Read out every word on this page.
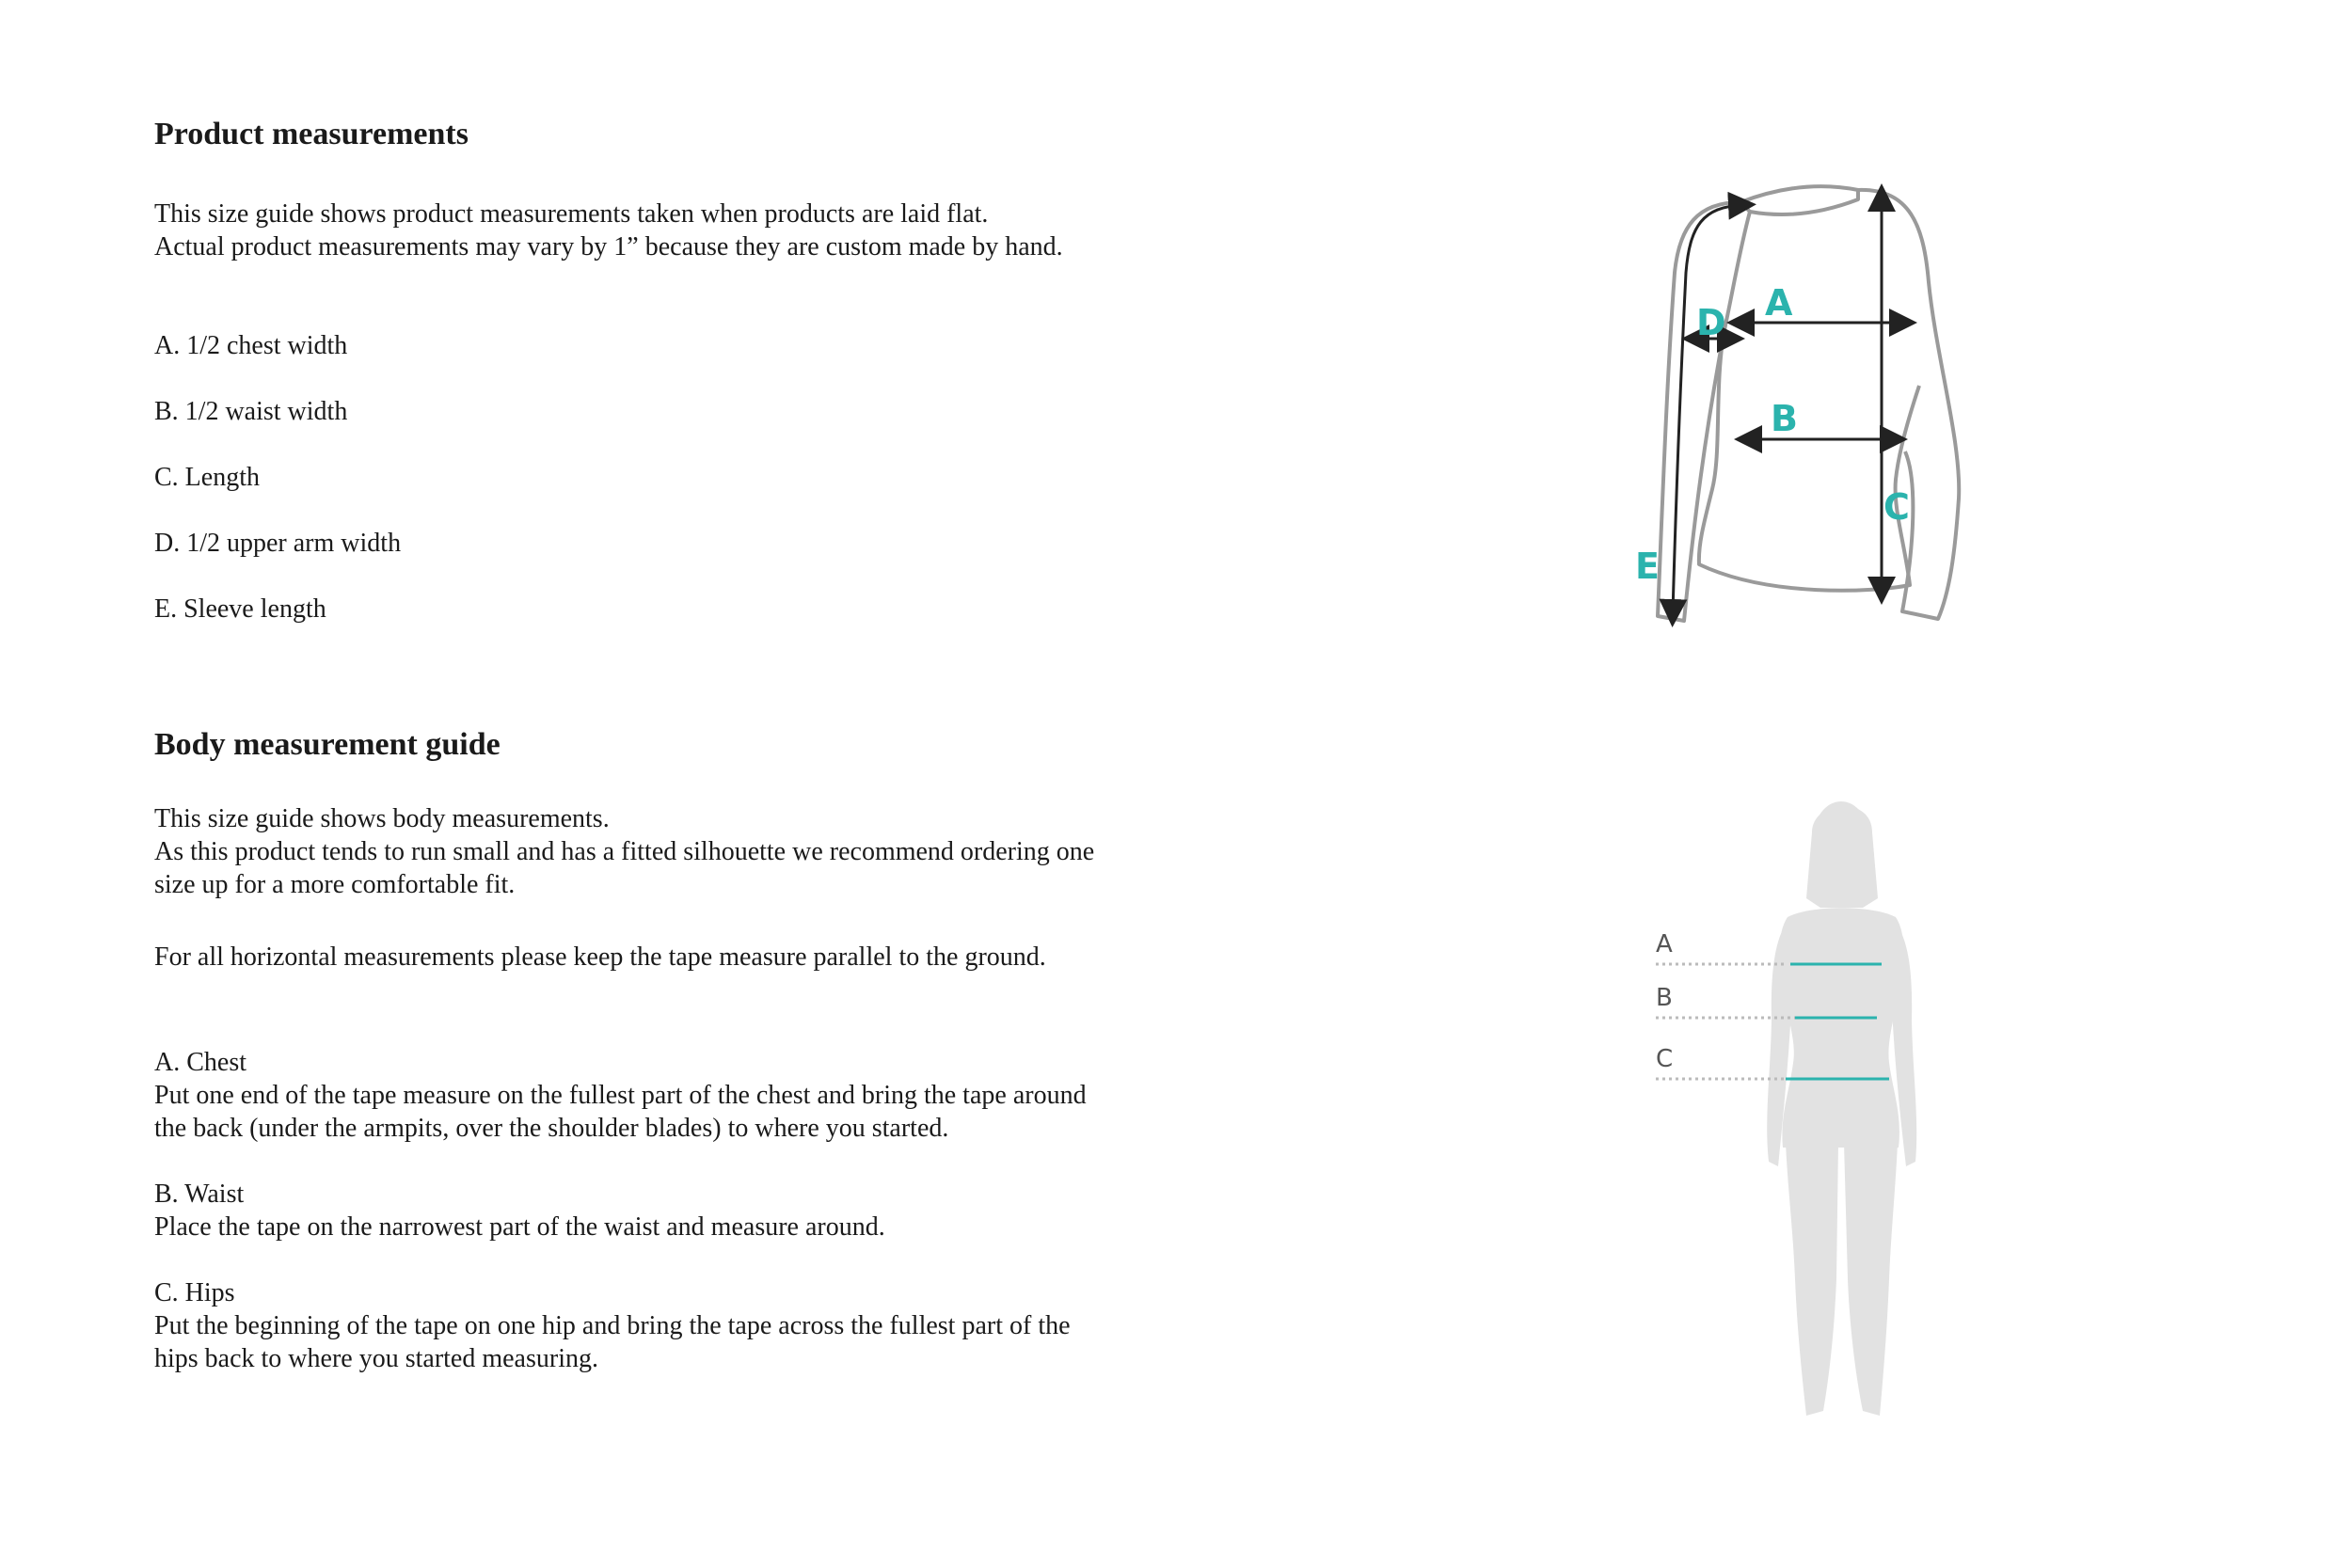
Product measurements
This size guide shows product measurements taken when products are laid flat.
Actual product measurements may vary by 1” because they are custom made by hand.
A. 1/2 chest width
B. 1/2 waist width
C. Length
D. 1/2 upper arm width
E. Sleeve length
Body measurement guide
This size guide shows body measurements.
As this product tends to run small and has a fitted silhouette we recommend ordering one
size up for a more comfortable fit.
For all horizontal measurements please keep the tape measure parallel to the ground.
A. Chest
Put one end of the tape measure on the fullest part of the chest and bring the tape around
the back (under the armpits, over the shoulder blades) to where you started.
B. Waist
Place the tape on the narrowest part of the waist and measure around.
C. Hips
Put the beginning of the tape on one hip and bring the tape across the fullest part of the
hips back to where you started measuring.
A
B
C
D
E
A
B
C
